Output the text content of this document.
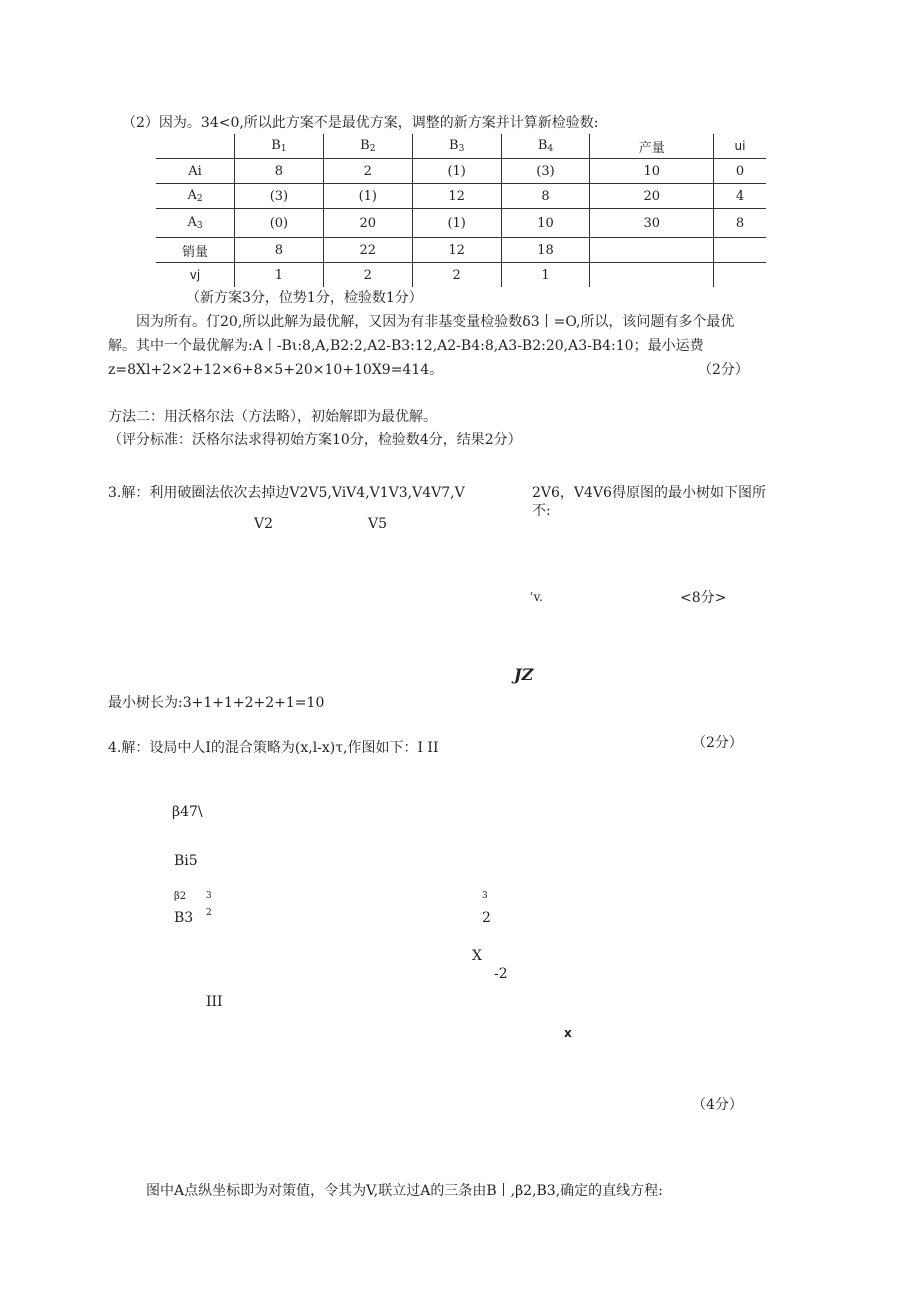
（2）因为。34<0,所以此方案不是最优方案，调整的新方案并计算新检验数:
	$B_1$	$B_2$	$B_3$	$B_4$	产量	ui
Ai	8	2	(1)	(3)	10	0
$A_2$	(3)	(1)	12	8	20	4
$A_3$	(0)	20	(1)	10	30	8
销量	8	22	12	18		
vj	1	2	2	1		
（新方案3分，位势1分，检验数1分）
因为所有。仃20,所以此解为最优解，又因为有非基变量检验数δ3丨=O,所以，该问题有多个最优
解。其中一个最优解为:A丨-Bι:8,A,B2:2,A2-B3:12,A2-B4:8,A3-B2:20,A3-B4:10；最小运费
z=8Xl+2×2+12×6+8×5+20×10+10X9=414。	（2分）
方法二：用沃格尔法（方法略），初始解即为最优解。
（评分标准：沃格尔法求得初始方案10分，检验数4分，结果2分）
3.解：利用破圈法依次去掉边V2V5,ViV4,V1V3,V4V7,V	2V6，V4V6得原图的最小树如下图所
不:
V2	V5
ʿv.	<8分>
JZ
最小树长为:3+1+1+2+2+1=10
4.解：设局中人I的混合策略为(x,l-x)τ,作图如下：I II	（2分）
β47\
Bi5
β2 3	3
B3 2	2
X
-2
III
x
（4分）
图中A点纵坐标即为对策值，令其为V,联立过A的三条由B丨,β2,B3,确定的直线方程:
